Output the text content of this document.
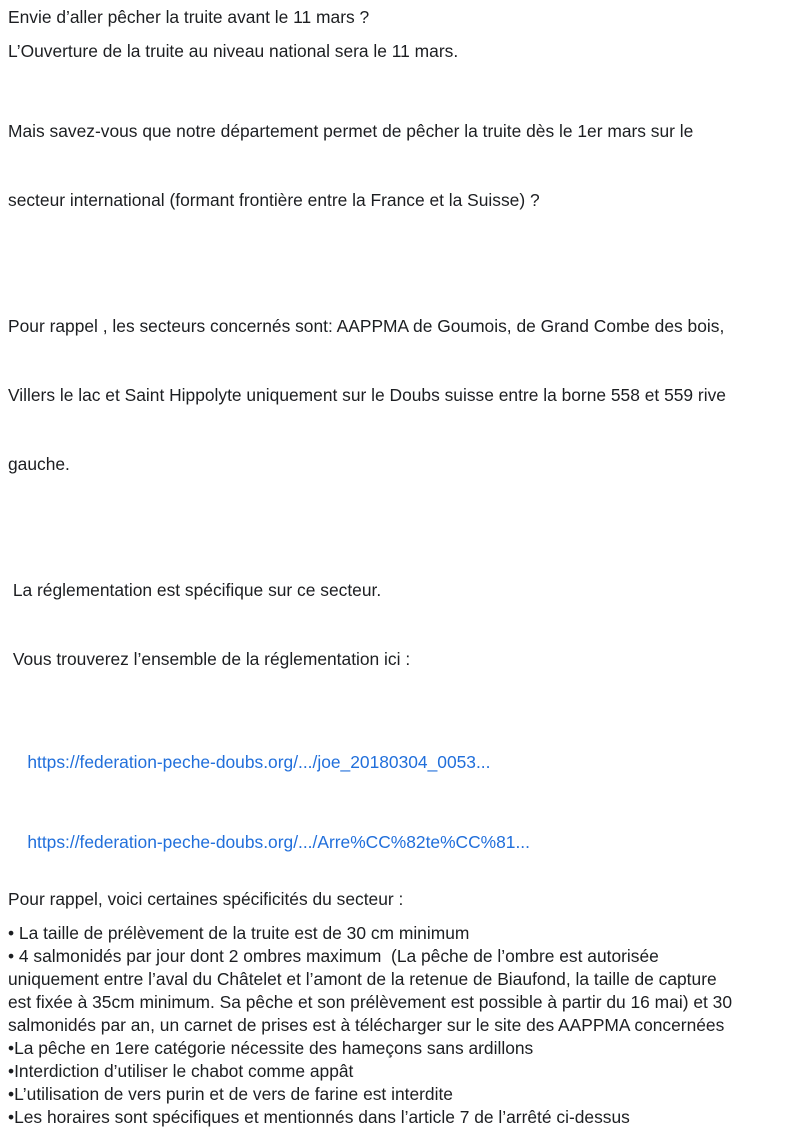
Envie d’aller pêcher la truite avant le 11 mars ?
L’Ouverture de la truite au niveau national sera le 11 mars.

Mais savez-vous que notre département permet de pêcher la truite dès le 1er mars sur le

secteur international (formant frontière entre la France et la Suisse) ?

Pour rappel , les secteurs concernés sont: AAPPMA de Goumois, de Grand Combe des bois,

Villers le lac et Saint Hippolyte uniquement sur le Doubs suisse entre la borne 558 et 559 rive

gauche.

La réglementation est spécifique sur ce secteur.

Vous trouverez l’ensemble de la réglementation ici :

https://federation-peche-doubs.org/.../joe_20180304_0053...

https://federation-peche-doubs.org/.../Arre%CC%82te%CC%81...

Pour rappel, voici certaines spécificités du secteur :
• La taille de prélèvement de la truite est de 30 cm minimum
• 4 salmonidés par jour dont 2 ombres maximum  (La pêche de l’ombre est autorisée
uniquement entre l’aval du Châtelet et l’amont de la retenue de Biaufond, la taille de capture
est fixée à 35cm minimum. Sa pêche et son prélèvement est possible à partir du 16 mai) et 30
salmonidés par an, un carnet de prises est à télécharger sur le site des AAPPMA concernées
•La pêche en 1ere catégorie nécessite des hameçons sans ardillons
•Interdiction d’utiliser le chabot comme appât
•L’utilisation de vers purin et de vers de farine est interdite
•Les horaires sont spécifiques et mentionnés dans l’article 7 de l’arrêté ci-dessus
